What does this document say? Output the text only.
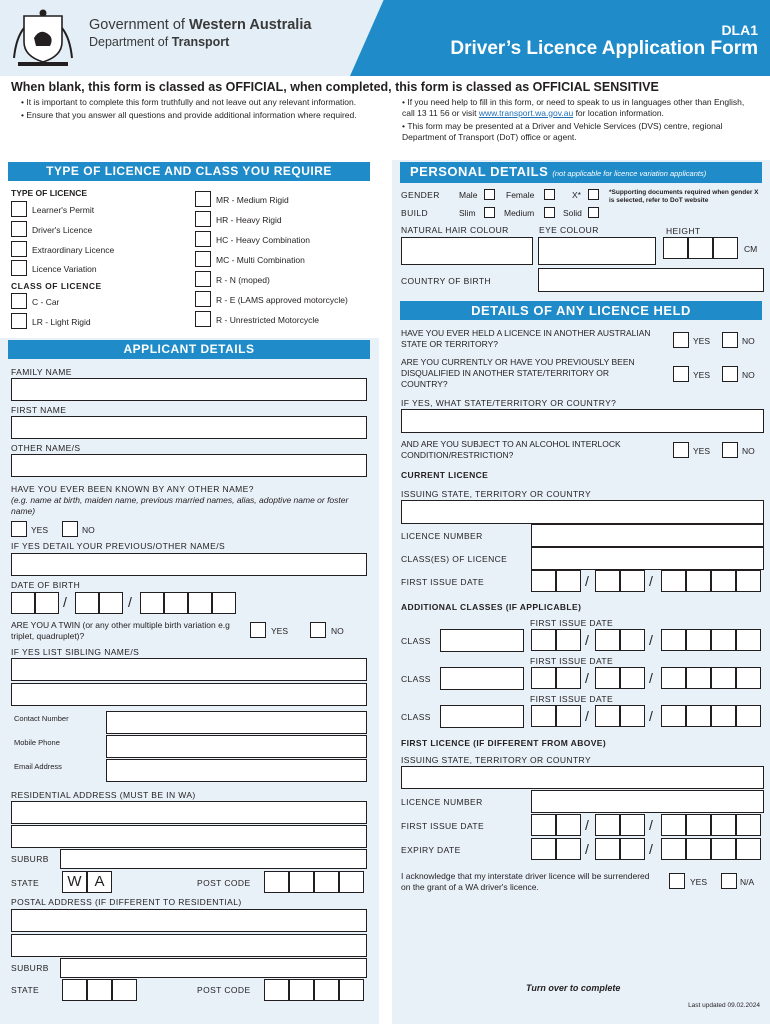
Government of Western Australia
Department of Transport
DLA1
Driver’s Licence Application Form
When blank, this form is classed as OFFICIAL, when completed, this form is classed as OFFICIAL SENSITIVE
• It is important to complete this form truthfully and not leave out any relevant information.
• Ensure that you answer all questions and provide additional information where required.
• If you need help to fill in this form, or need to speak to us in languages other than English, call 13 11 56 or visit www.transport.wa.gov.au for location information.
• This form may be presented at a Driver and Vehicle Services (DVS) centre, regional Department of Transport (DoT) office or agent.
TYPE OF LICENCE AND CLASS YOU REQUIRE
TYPE OF LICENCE
Learner's Permit
Driver's Licence
Extraordinary Licence
Licence Variation
CLASS OF LICENCE
C - Car
LR - Light Rigid
MR - Medium Rigid
HR - Heavy Rigid
HC - Heavy Combination
MC - Multi Combination
R - N (moped)
R - E (LAMS approved motorcycle)
R - Unrestricted Motorcycle
APPLICANT DETAILS
FAMILY NAME
FIRST NAME
OTHER NAME/S
HAVE YOU EVER BEEN KNOWN BY ANY OTHER NAME?
(e.g. name at birth, maiden name, previous married names, alias, adoptive name or foster name)
YES	NO
IF YES DETAIL YOUR PREVIOUS/OTHER NAME/S
DATE OF BIRTH
/	/
ARE YOU A TWIN (or any other multiple birth variation e.g triplet, quadruplet)?	YES	NO
IF YES LIST SIBLING NAME/S
Contact Number
Mobile Phone
Email Address
RESIDENTIAL ADDRESS (MUST BE IN WA)
SUBURB
STATE	W A	POST CODE
POSTAL ADDRESS (IF DIFFERENT TO RESIDENTIAL)
SUBURB
STATE	POST CODE
PERSONAL DETAILS (not applicable for licence variation applicants)
GENDER Male	Female	X*	*Supporting documents required when gender X is selected, refer to DoT website
BUILD	Slim	Medium	Solid
NATURAL HAIR COLOUR	EYE COLOUR	HEIGHT
CM
COUNTRY OF BIRTH
DETAILS OF ANY LICENCE HELD
HAVE YOU EVER HELD A LICENCE IN ANOTHER AUSTRALIAN STATE OR TERRITORY?	YES	NO
ARE YOU CURRENTLY OR HAVE YOU PREVIOUSLY BEEN DISQUALIFIED IN ANOTHER STATE/TERRITORY OR COUNTRY?
YES	NO
IF YES, WHAT STATE/TERRITORY OR COUNTRY?
AND ARE YOU SUBJECT TO AN ALCOHOL INTERLOCK CONDITION/RESTRICTION?	YES	NO
CURRENT LICENCE
ISSUING STATE, TERRITORY OR COUNTRY
LICENCE NUMBER
CLASS(ES) OF LICENCE
FIRST ISSUE DATE	/	/
ADDITIONAL CLASSES (IF APPLICABLE)
FIRST ISSUE DATE
CLASS	/	/
FIRST ISSUE DATE
CLASS	/	/
FIRST ISSUE DATE
CLASS	/	/
FIRST LICENCE (IF DIFFERENT FROM ABOVE)
ISSUING STATE, TERRITORY OR COUNTRY
LICENCE NUMBER
FIRST ISSUE DATE	/	/
EXPIRY DATE	/	/
I acknowledge that my interstate driver licence will be surrendered on the grant of a WA driver's licence.	YES	N/A
Turn over to complete
Last updated 09.02.2024
